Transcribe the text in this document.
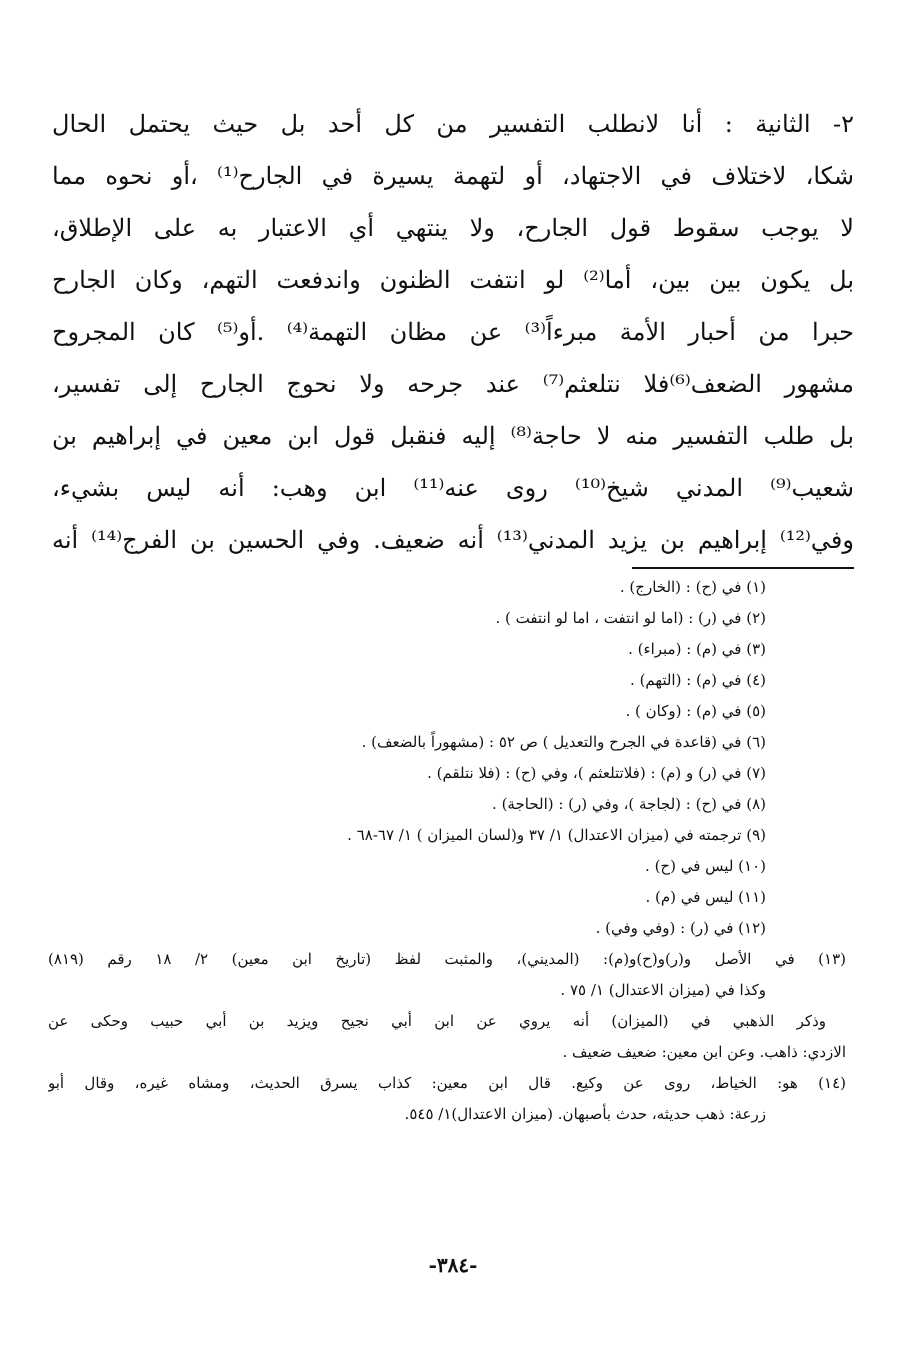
٢- الثانية : أنا لانطلب التفسير من كل أحد بل حيث يحتمل الحال
شكا، لاختلاف في الاجتهاد، أو لتهمة يسيرة في الجارح⁽¹⁾ ،أو نحوه مما
لا يوجب سقوط قول الجارح، ولا ينتهي أي الاعتبار به على الإطلاق،
بل يكون بين بين، أما⁽²⁾ لو انتفت الظنون واندفعت التهم، وكان الجارح
حبرا من أحبار الأمة مبرءاً⁽³⁾ عن مظان التهمة⁽⁴⁾ .أو⁽⁵⁾ كان المجروح
مشهور الضعف⁽⁶⁾فلا نتلعثم⁽⁷⁾ عند جرحه ولا نحوج الجارح إلى تفسير،
بل طلب التفسير منه لا حاجة⁽⁸⁾ إليه فنقبل قول ابن معين في إبراهيم بن
شعيب⁽⁹⁾ المدني شيخ⁽¹⁰⁾ روى عنه⁽¹¹⁾ ابن وهب: أنه ليس بشيء،
وفي⁽¹²⁾ إبراهيم بن يزيد المدني⁽¹³⁾ أنه ضعيف. وفي الحسين بن الفرج⁽¹⁴⁾ أنه
(١) في (ح) : (الخارج) .
(٢) في (ر) : (اما لو انتفت ، اما لو انتفت ) .
(٣) في (م) : (مبراء) .
(٤) في (م) : (التهم) .
(٥) في (م) : (وكان ) .
(٦) في (قاعدة في الجرح والتعديل ) ص ٥٢ : (مشهوراً بالضعف) .
(٧) في (ر) و (م) : (فلاتتلعثم )، وفي (ح) : (فلا نتلقم) .
(٨) في (ح) : (لجاجة )، وفي (ر) : (الحاجة) .
(٩) ترجمته في (ميزان الاعتدال) ١/ ٣٧ و(لسان الميزان ) ١/ ٦٧-٦٨ .
(١٠) ليس في (ح) .
(١١) ليس في (م) .
(١٢) في (ر) : (وفي وفي) .
(١٣) في الأصل و(ر)و(ح)و(م): (المديني)، والمثبت لفظ (تاريخ ابن معين) ٢/ ١٨ رقم (٨١٩)
وكذا في (ميزان الاعتدال) ١/ ٧٥ .
وذكر الذهبي في (الميزان) أنه يروي عن ابن أبي نجيح ويزيد بن أبي حبيب وحكى عن
الازدي: ذاهب. وعن ابن معين: ضعيف ضعيف .
(١٤) هو: الخياط، روى عن وكيع. قال ابن معين: كذاب يسرق الحديث، ومشاه غيره، وقال أبو
زرعة: ذهب حديثه، حدث بأصبهان. (ميزان الاعتدال)١/ ٥٤٥.
-٣٨٤-
